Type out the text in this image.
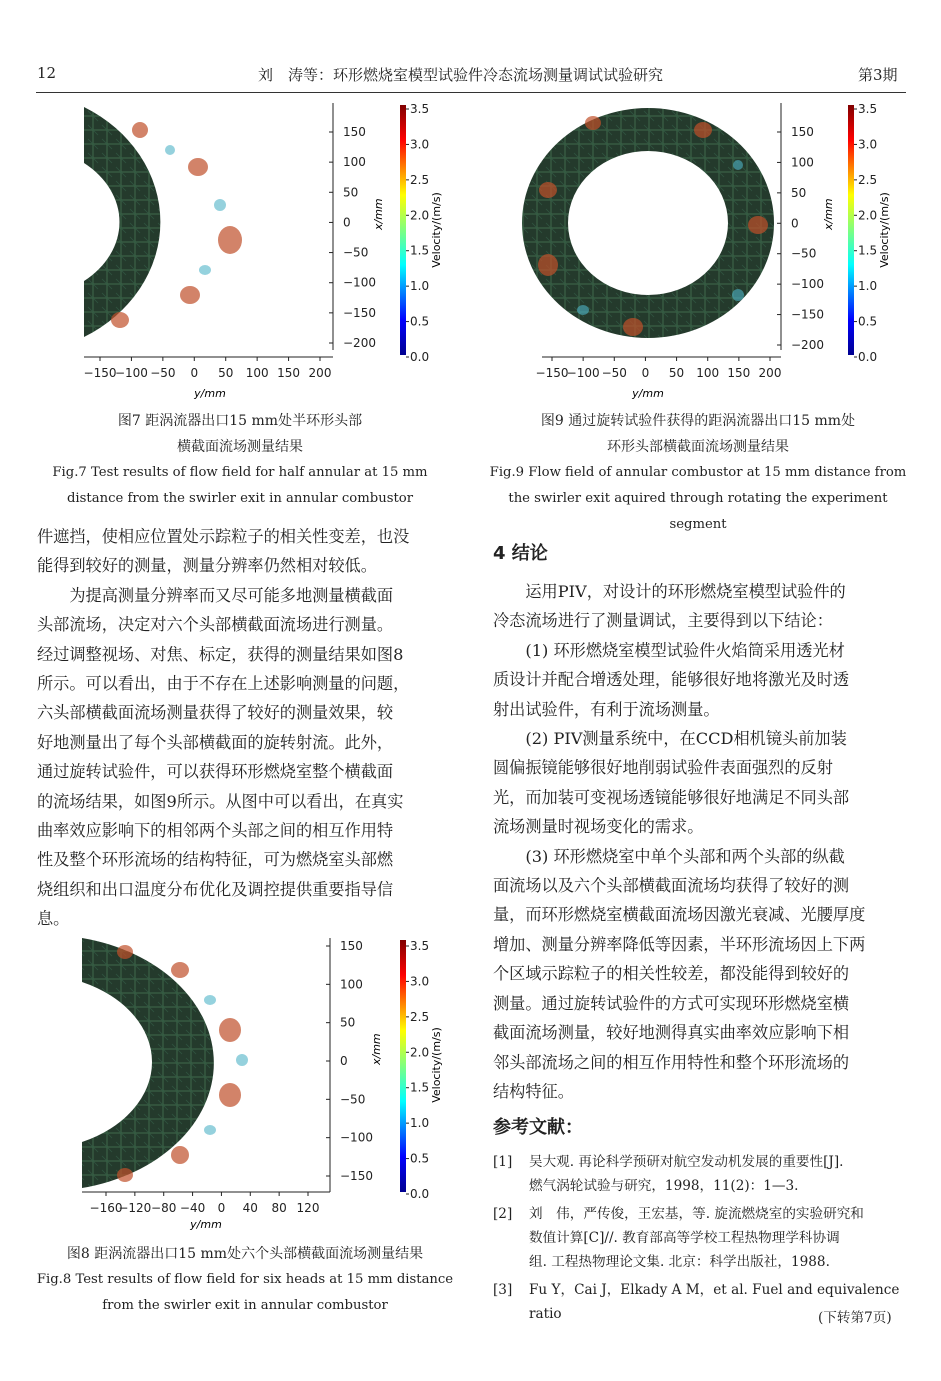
12	刘　涛等：环形燃烧室模型试验件冷态流场测量调试试验研究	第3期
150
100
50
0
−50
−100
−150
−200
x/mm
3.5
3.0
2.5
2.0
1.5
1.0
0.5
0.0
Velocity/(m/s)
−150
−100 −50 0 50 100 150 200
y/mm
图7 距涡流器出口15 mm处半环形头部
横截面流场测量结果
Fig.7 Test results of flow field for half annular at 15 mm
distance from the swirler exit in annular combustor
150
100
50
0
−50
−100
−150
−200
x/mm
3.5
3.0
2.5
2.0
1.5
1.0
0.5
0.0
Velocity/(m/s)
−150
−100 −50 0 50 100 150 200
y/mm
图9 通过旋转试验件获得的距涡流器出口15 mm处
环形头部横截面流场测量结果
Fig.9 Flow field of annular combustor at 15 mm distance from
the swirler exit aquired through rotating the experiment segment

件遮挡，使相应位置处示踪粒子的相关性变差，也没

能得到较好的测量，测量分辨率仍然相对较低。

　　为提高测量分辨率而又尽可能多地测量横截面

头部流场，决定对六个头部横截面流场进行测量。

经过调整视场、对焦、标定，获得的测量结果如图8

所示。可以看出，由于不存在上述影响测量的问题，

六头部横截面流场测量获得了较好的测量效果，较

好地测量出了每个头部横截面的旋转射流。此外，

通过旋转试验件，可以获得环形燃烧室整个横截面

的流场结果，如图9所示。从图中可以看出，在真实

曲率效应影响下的相邻两个头部之间的相互作用特

性及整个环形流场的结构特征，可为燃烧室头部燃

烧组织和出口温度分布优化及调控提供重要指导信

息。

150
100
50
0
−50
−100
−150
x/mm
3.5
3.0
2.5
2.0
1.5
1.0
0.5
0.0
Velocity/(m/s)
−160
−120 −80 −40 0 40 80 120
y/mm
图8 距涡流器出口15 mm处六个头部横截面流场测量结果
Fig.8 Test results of flow field for six heads at 15 mm distance
from the swirler exit in annular combustor
4 结论

　　运用PIV，对设计的环形燃烧室模型试验件的

冷态流场进行了测量调试，主要得到以下结论：

　　(1) 环形燃烧室模型试验件火焰筒采用透光材

质设计并配合增透处理，能够很好地将激光及时透

射出试验件，有利于流场测量。

　　(2) PIV测量系统中，在CCD相机镜头前加装

圆偏振镜能够很好地削弱试验件表面强烈的反射

光，而加装可变视场透镜能够很好地满足不同头部

流场测量时视场变化的需求。

　　(3) 环形燃烧室中单个头部和两个头部的纵截

面流场以及六个头部横截面流场均获得了较好的测

量，而环形燃烧室横截面流场因激光衰减、光腰厚度

增加、测量分辨率降低等因素，半环形流场因上下两

个区域示踪粒子的相关性较差，都没能得到较好的

测量。通过旋转试验件的方式可实现环形燃烧室横

截面流场测量，较好地测得真实曲率效应影响下相

邻头部流场之间的相互作用特性和整个环形流场的

结构特征。

参考文献：
[1] 吴大观. 再论科学预研对航空发动机发展的重要性[J].
燃气涡轮试验与研究，1998，11(2)：1—3.
[2] 刘　伟，严传俊，王宏基，等. 旋流燃烧室的实验研究和
数值计算[C]//. 教育部高等学校工程热物理学科协调
组. 工程热物理论文集. 北京：科学出版社，1988.
[3] Fu Y，Cai J，Elkady A M，et al. Fuel and equivalence ratio	(下转第7页)
